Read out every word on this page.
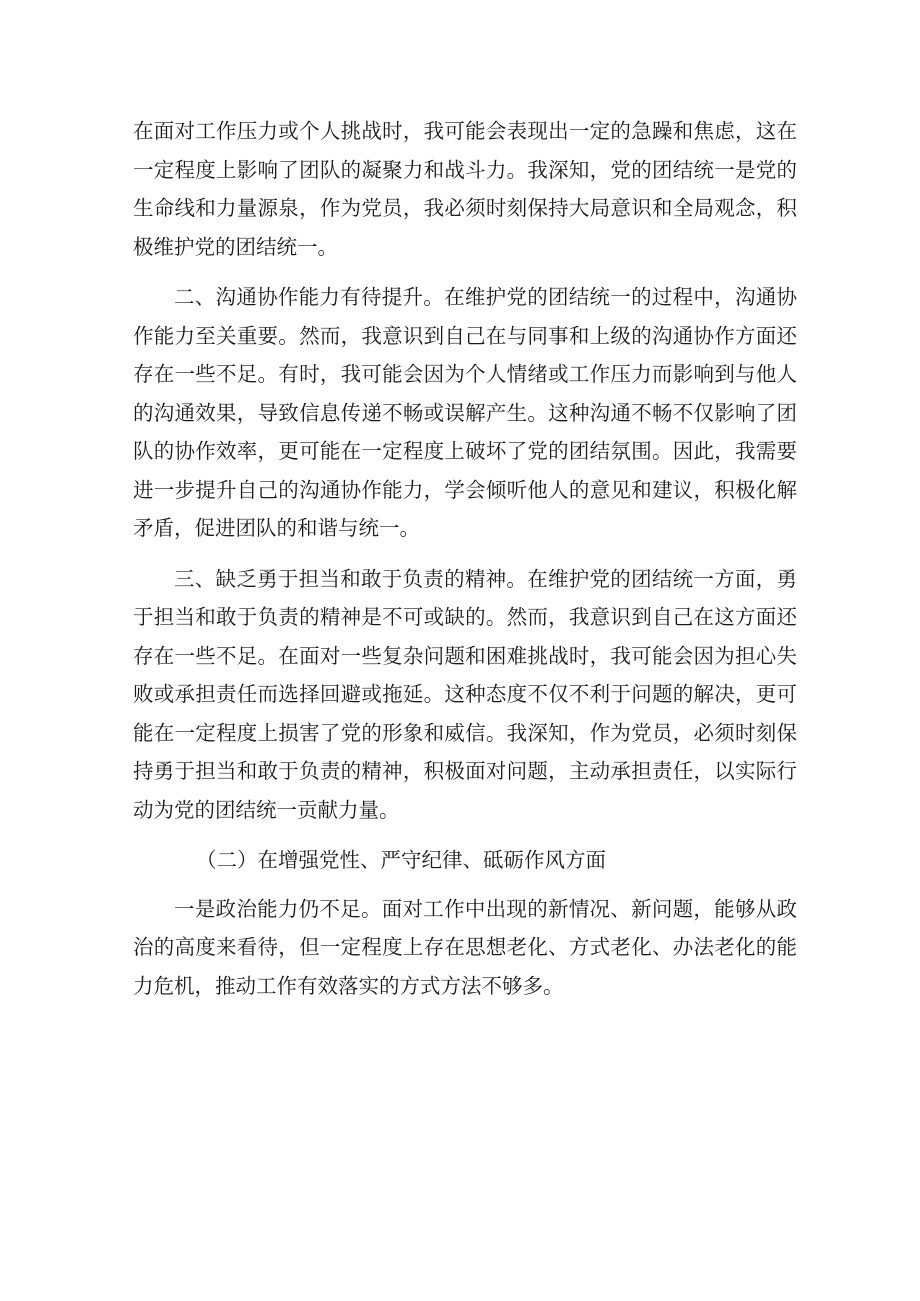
在面对工作压力或个人挑战时，我可能会表现出一定的急躁和焦虑，这在一定程度上影响了团队的凝聚力和战斗力。我深知，党的团结统一是党的生命线和力量源泉，作为党员，我必须时刻保持大局意识和全局观念，积极维护党的团结统一。

二、沟通协作能力有待提升。在维护党的团结统一的过程中，沟通协作能力至关重要。然而，我意识到自己在与同事和上级的沟通协作方面还存在一些不足。有时，我可能会因为个人情绪或工作压力而影响到与他人的沟通效果，导致信息传递不畅或误解产生。这种沟通不畅不仅影响了团队的协作效率，更可能在一定程度上破坏了党的团结氛围。因此，我需要进一步提升自己的沟通协作能力，学会倾听他人的意见和建议，积极化解矛盾，促进团队的和谐与统一。

三、缺乏勇于担当和敢于负责的精神。在维护党的团结统一方面，勇于担当和敢于负责的精神是不可或缺的。然而，我意识到自己在这方面还存在一些不足。在面对一些复杂问题和困难挑战时，我可能会因为担心失败或承担责任而选择回避或拖延。这种态度不仅不利于问题的解决，更可能在一定程度上损害了党的形象和威信。我深知，作为党员，必须时刻保持勇于担当和敢于负责的精神，积极面对问题，主动承担责任，以实际行动为党的团结统一贡献力量。

（二）在增强党性、严守纪律、砥砺作风方面

一是政治能力仍不足。面对工作中出现的新情况、新问题，能够从政治的高度来看待，但一定程度上存在思想老化、方式老化、办法老化的能力危机，推动工作有效落实的方式方法不够多。
